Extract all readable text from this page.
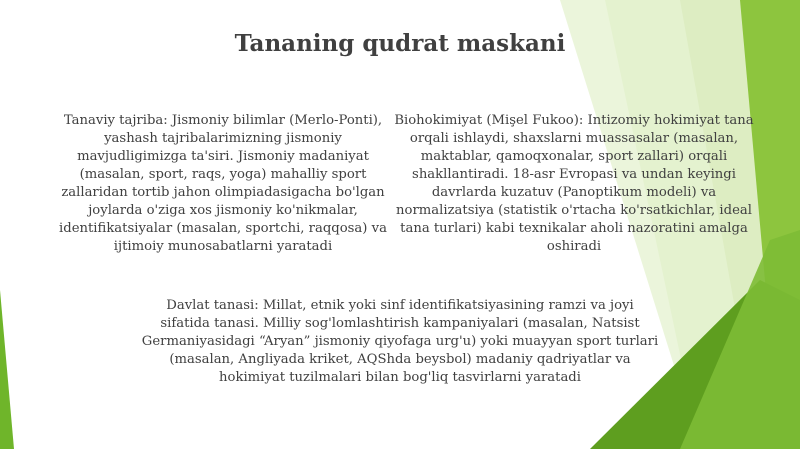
Tananing qudrat maskani

Tanaviy tajriba: Jismoniy bilimlar (Merlo-Ponti), yashash tajribalarimizning jismoniy mavjudligimizga ta'siri. Jismoniy madaniyat (masalan, sport, raqs, yoga) mahalliy sport zallaridan tortib jahon olimpiadasigacha bo'lgan joylarda o'ziga xos jismoniy ko'nikmalar, identifikatsiyalar (masalan, sportchi, raqqosa) va ijtimoiy munosabatlarni yaratadi

Biohokimiyat (Mişel Fukoo): Intizomiy hokimiyat tana orqali ishlaydi, shaxslarni muassasalar (masalan, maktablar, qamoqxonalar, sport zallari) orqali shakllantiradi. 18-asr Evropasi va undan keyingi davrlarda kuzatuv (Panoptikum modeli) va normalizatsiya (statistik o'rtacha ko'rsatkichlar, ideal tana turlari) kabi texnikalar aholi nazoratini amalga oshiradi

Davlat tanasi: Millat, etnik yoki sinf identifikatsiyasining ramzi va joyi sifatida tanasi. Milliy sog'lomlashtirish kampaniyalari (masalan, Natsist Germaniyasidagi “Aryan” jismoniy qiyofaga urg'u) yoki muayyan sport turlari (masalan, Angliyada kriket, AQShda beysbol) madaniy qadriyatlar va hokimiyat tuzilmalari bilan bog'liq tasvirlarni yaratadi
